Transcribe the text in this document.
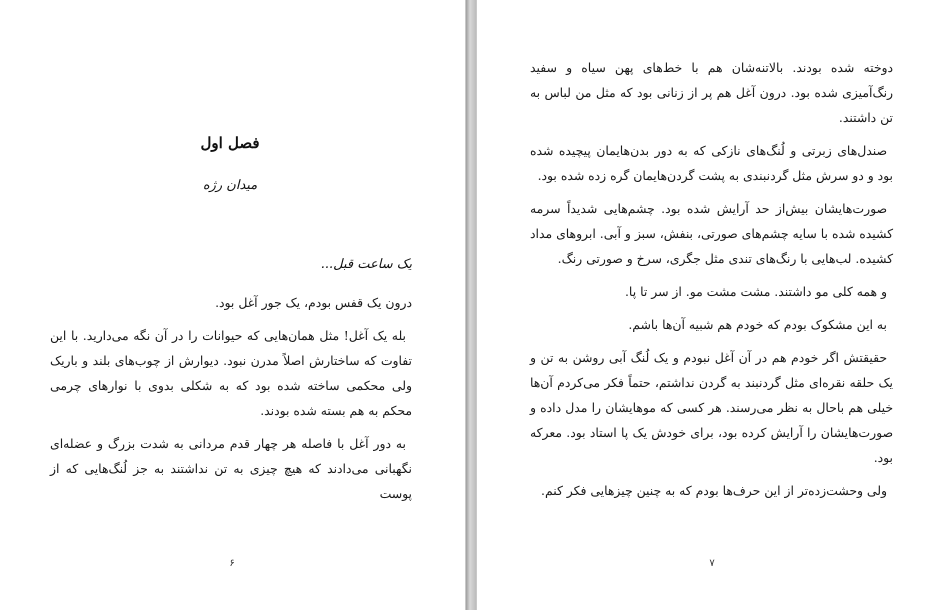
فصل اول
میدان رژه
یک ساعت قبل...

درون یک قفس بودم، یک جور آغل بود.

بله یک آغل! مثل همان‌هایی که حیوانات را در آن نگه می‌دارید. با این تفاوت که ساختارش اصلاً مدرن نبود. دیوارش از چوب‌های بلند و باریک ولی محکمی ساخته شده بود که به شکلی بدوی با نوارهای چرمی محکم به هم بسته شده بودند.

به دور آغل با فاصله هر چهار قدم مردانی به شدت بزرگ و عضله‌ای نگهبانی می‌دادند که هیچ چیزی به تن نداشتند به جز لُنگ‌هایی که از پوست

۶	۷

دوخته شده بودند. بالاتنه‌شان هم با خط‌های پهن سیاه و سفید رنگ‌آمیزی شده بود. درون آغل هم پر از زنانی بود که مثل من لباس به تن داشتند.

صندل‌های زبرتی و لُنگ‌های نازکی که به دور بدن‌هایمان پیچیده شده بود و دو سرش مثل گردنبندی به پشت گردن‌هایمان گره زده شده بود.

صورت‌هایشان بیش‌از حد آرایش شده بود. چشم‌هایی شدیداً سرمه کشیده شده با سایه چشم‌های صورتی، بنفش، سبز و آبی. ابروهای مداد کشیده. لب‌هایی با رنگ‌های تندی مثل جگری، سرخ و صورتی رنگ.

و همه کلی مو داشتند. مشت مشت مو. از سر تا پا.

به این مشکوک بودم که خودم هم شبیه آن‌ها باشم.

حقیقتش اگر خودم هم در آن آغل نبودم و یک لُنگ آبی روشن به تن و یک حلقه نقره‌ای مثل گردنبند به گردن نداشتم، حتماً فکر می‌کردم آن‌ها خیلی هم باحال به نظر می‌رسند. هر کسی که موهایشان را مدل داده و صورت‌هایشان را آرایش کرده بود، برای خودش یک پا استاد بود. معرکه بود.

ولی وحشت‌زده‌تر از این حرف‌ها بودم که به چنین چیزهایی فکر کنم.
